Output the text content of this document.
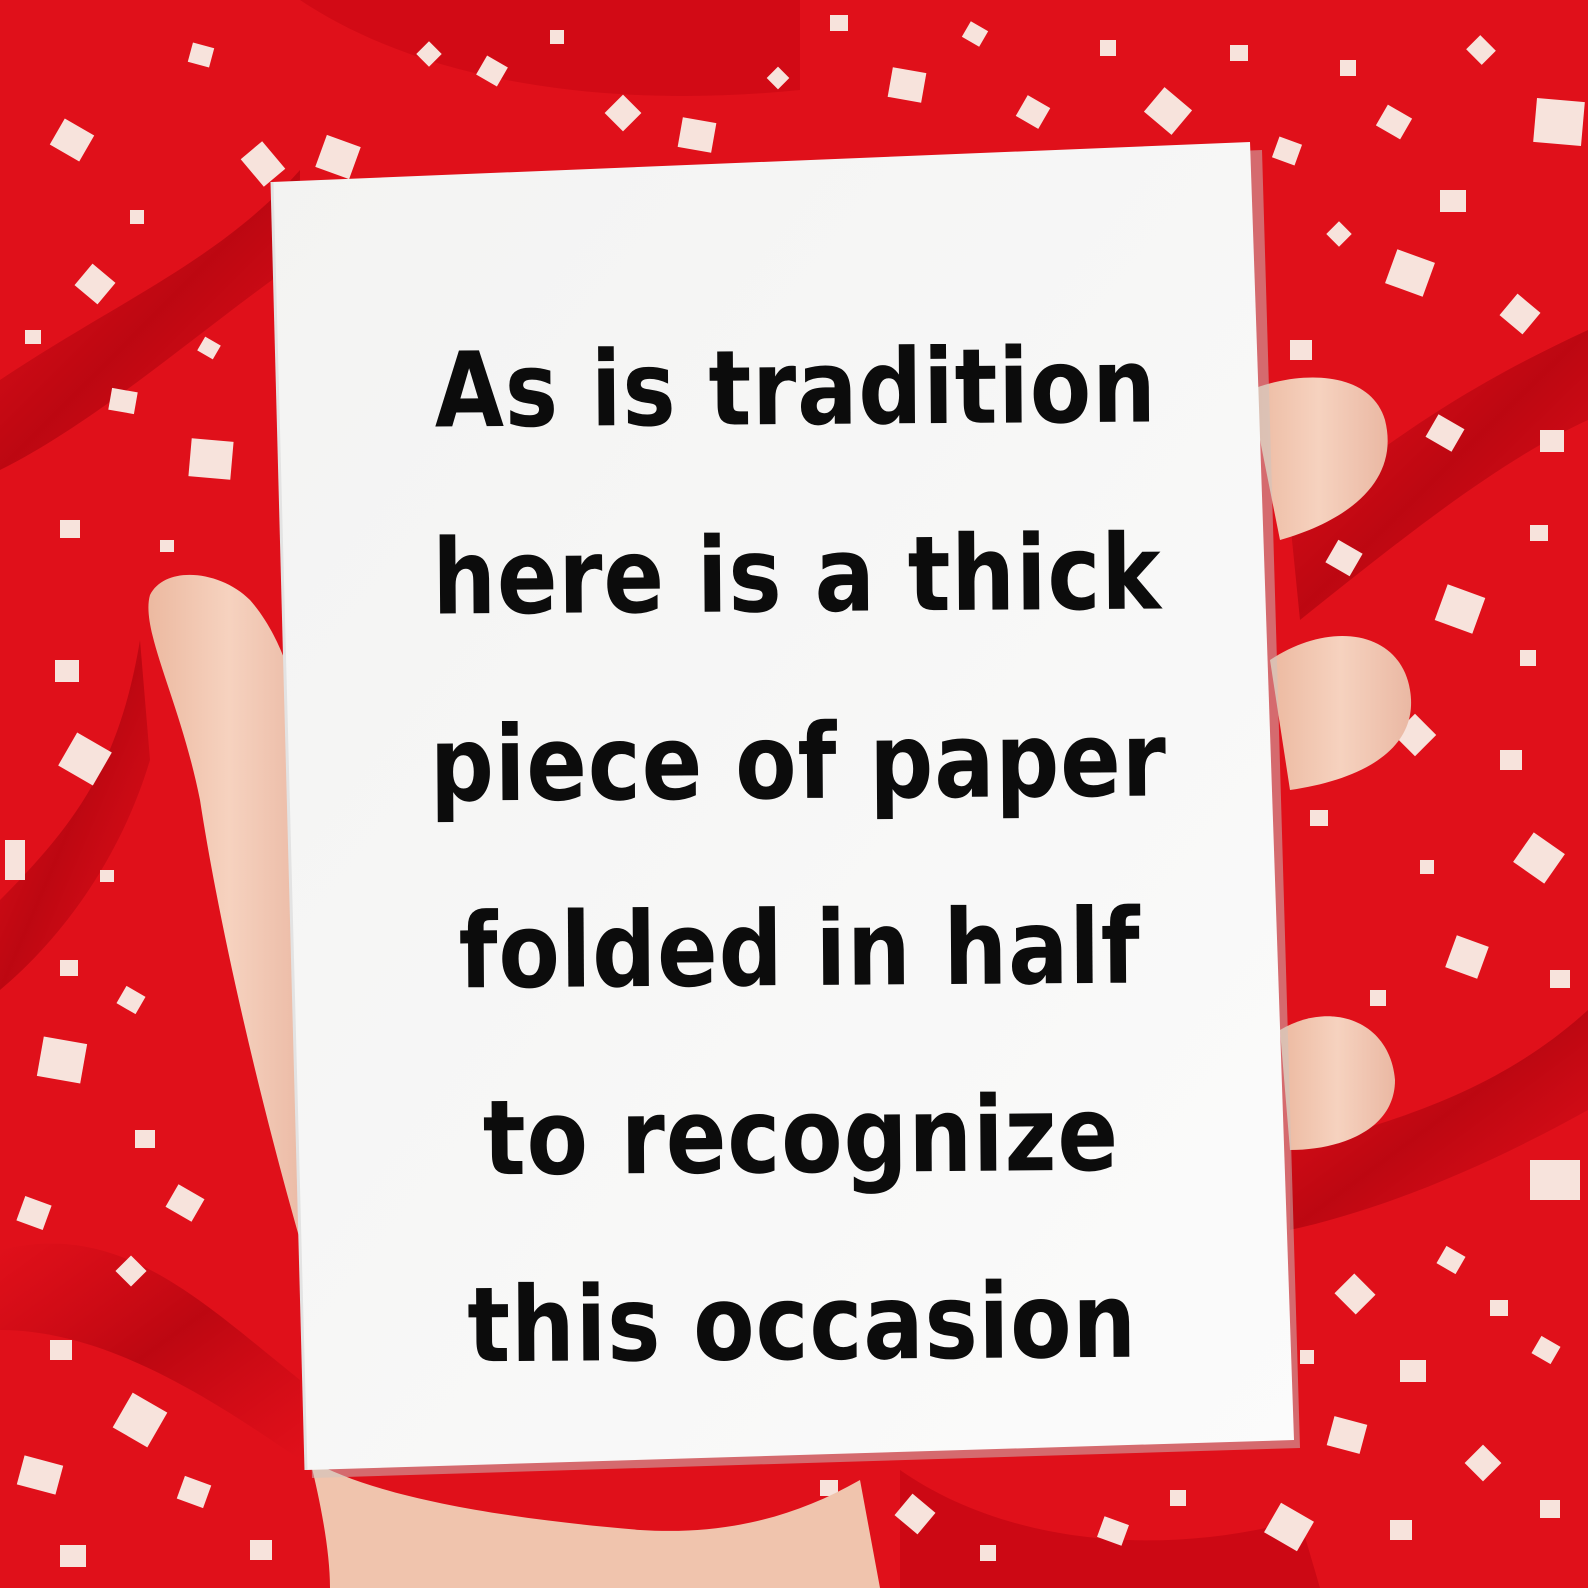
As is tradition
here is a thick
piece of paper
folded in half
to recognize
this occasion
